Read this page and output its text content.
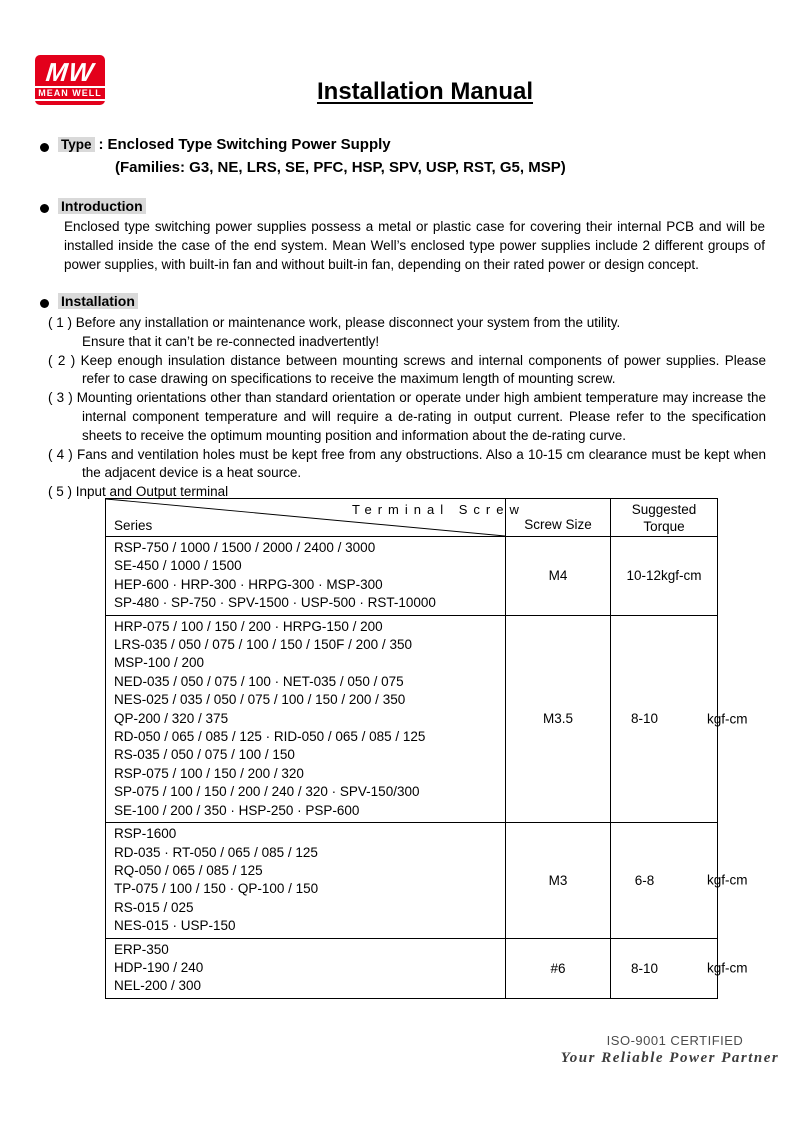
MW
MEAN WELL	Installation Manual
Type : Enclosed Type Switching Power Supply
(Families: G3, NE, LRS, SE, PFC, HSP, SPV, USP, RST, G5, MSP)
Introduction

Enclosed type switching power supplies possess a metal or plastic case for covering their internal PCB and will be installed inside the case of the end system. Mean Well’s enclosed type power supplies include 2 different groups of power supplies, with built-in fan and without built-in fan, depending on their rated power or design concept.

Installation
( 1 ) Before any installation or maintenance work, please disconnect your system from the utility.
Ensure that it can’t be re-connected inadvertently!
( 2 ) Keep enough insulation distance between mounting screws and internal components of power supplies. Please refer to case drawing on specifications to receive the maximum length of mounting screw.
( 3 ) Mounting orientations other than standard orientation or operate under high ambient temperature may increase the internal component temperature and will require a de-rating in output current. Please refer to the specification sheets to receive the optimum mounting position and information about the de-rating curve.
( 4 ) Fans and ventilation holes must be kept free from any obstructions. Also a 10-15 cm clearance must be kept when the adjacent device is a heat source.
( 5 ) Input and Output terminal
Terminal Screw
Series	Screw Size	Suggested Torque

RSP-750 / 1000 / 1500 / 2000 / 2400 / 3000
SE-450 / 1000 / 1500
HEP-600 · HRP-300 · HRPG-300 · MSP-300
SP-480 · SP-750 · SPV-1500 · USP-500 · RST-10000	M4	10-12kgf-cm

HRP-075 / 100 / 150 / 200 · HRPG-150 / 200
LRS-035 / 050 / 075 / 100 / 150 / 150F / 200 / 350
MSP-100 / 200
NED-035 / 050 / 075 / 100 · NET-035 / 050 / 075
NES-025 / 035 / 050 / 075 / 100 / 150 / 200 / 350
QP-200 / 320 / 375
RD-050 / 065 / 085 / 125 · RID-050 / 065 / 085 / 125
RS-035 / 050 / 075 / 100 / 150
RSP-075 / 100 / 150 / 200 / 320
SP-075 / 100 / 150 / 200 / 240 / 320 · SPV-150/300
SE-100 / 200 / 350 · HSP-250 · PSP-600
	M3.5	8-10	kgf-cm

RSP-1600
RD-035 · RT-050 / 065 / 085 / 125
RQ-050 / 065 / 085 / 125
TP-075 / 100 / 150 · QP-100 / 150
RS-015 / 025
NES-015 · USP-150
	M3	6-8	kgf-cm

ERP-350
HDP-190 / 240
NEL-200 / 300
	#6	8-10	kgf-cm
ISO-9001 CERTIFIED
Your Reliable Power Partner
